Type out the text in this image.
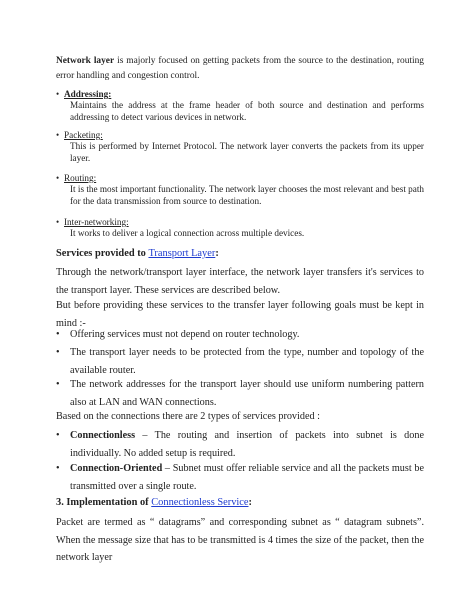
Network layer is majorly focused on getting packets from the source to the destination, routing error handling and congestion control.
• Addressing:
Maintains the address at the frame header of both source and destination and performs addressing to detect various devices in network.
• Packeting:
This is performed by Internet Protocol. The network layer converts the packets from its upper layer.
• Routing:
It is the most important functionality. The network layer chooses the most relevant and best path for the data transmission from source to destination.
• Inter-networking:
It works to deliver a logical connection across multiple devices.
Services provided to Transport Layer:
Through the network/transport layer interface, the network layer transfers it's services to the transport layer. These services are described below.
But before providing these services to the transfer layer following goals must be kept in mind :-
• Offering services must not depend on router technology.
• The transport layer needs to be protected from the type, number and topology of the available router.
• The network addresses for the transport layer should use uniform numbering pattern also at LAN and WAN connections.
Based on the connections there are 2 types of services provided :
• Connectionless – The routing and insertion of packets into subnet is done individually. No added setup is required.
• Connection-Oriented – Subnet must offer reliable service and all the packets must be transmitted over a single route.
3. Implementation of Connectionless Service:
Packet are termed as “ datagrams” and corresponding subnet as “ datagram subnets”. When the message size that has to be transmitted is 4 times the size of the packet, then the network layer
